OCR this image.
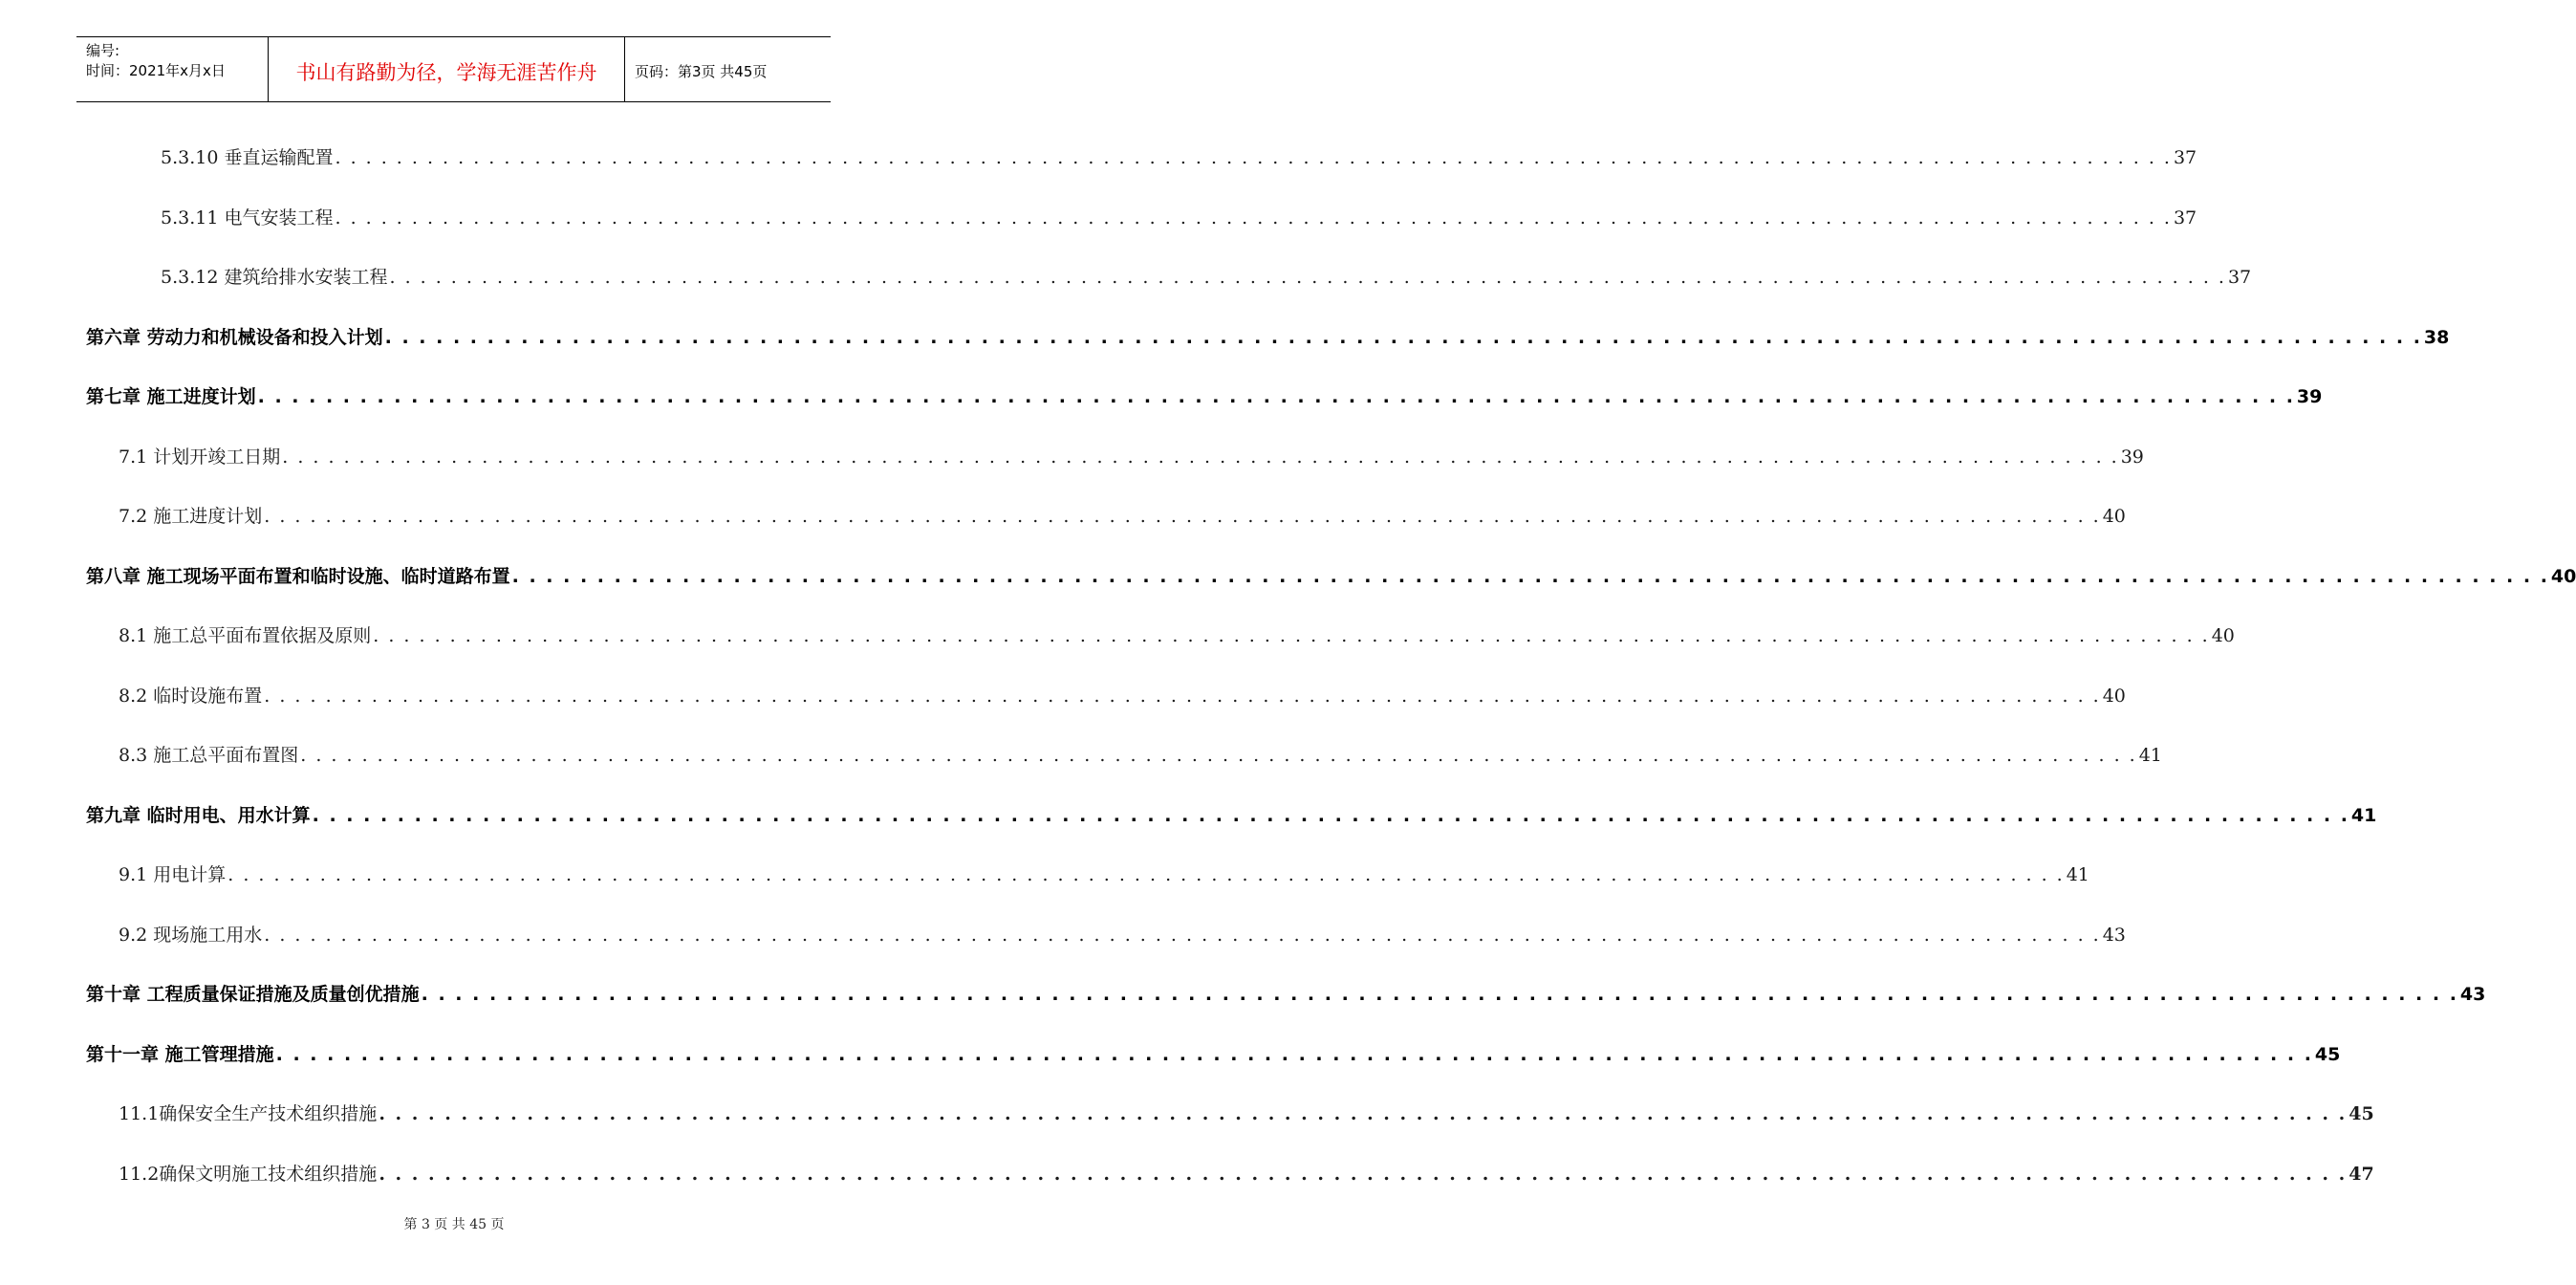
编号:
时间：2021年x月x日	书山有路勤为径，学海无涯苦作舟	页码：第3页 共45页
5.3.10 垂直运输配置 . . . . . . . . . . . . . . . . . . . . . . . . . . . . . . . . . . . . . . . . . . . . . . . . . . . . . . . . . . . . . . . . . . . . . . . . . . . . . . . . . . . . . . . . . . . . . . . . . . . . . . . . . . . . . . . . . . . . . . . . 37
5.3.11 电气安装工程 . . . . . . . . . . . . . . . . . . . . . . . . . . . . . . . . . . . . . . . . . . . . . . . . . . . . . . . . . . . . . . . . . . . . . . . . . . . . . . . . . . . . . . . . . . . . . . . . . . . . . . . . . . . . . . . . . . . . . . . . 37
5.3.12 建筑给排水安装工程 . . . . . . . . . . . . . . . . . . . . . . . . . . . . . . . . . . . . . . . . . . . . . . . . . . . . . . . . . . . . . . . . . . . . . . . . . . . . . . . . . . . . . . . . . . . . . . . . . . . . . . . . . . . . . . . . . . . . . . . . 37
第六章 劳动力和机械设备和投入计划 . . . . . . . . . . . . . . . . . . . . . . . . . . . . . . . . . . . . . . . . . . . . . . . . . . . . . . . . . . . . . . . . . . . . . . . . . . . . . . . . . . . . . . . . . . . . . . . . . . . . . . . . . . . . . . . . . . . . . . . . 38
第七章 施工进度计划 . . . . . . . . . . . . . . . . . . . . . . . . . . . . . . . . . . . . . . . . . . . . . . . . . . . . . . . . . . . . . . . . . . . . . . . . . . . . . . . . . . . . . . . . . . . . . . . . . . . . . . . . . . . . . . . . . . . . . . . . 39
7.1 计划开竣工日期 . . . . . . . . . . . . . . . . . . . . . . . . . . . . . . . . . . . . . . . . . . . . . . . . . . . . . . . . . . . . . . . . . . . . . . . . . . . . . . . . . . . . . . . . . . . . . . . . . . . . . . . . . . . . . . . . . . . . . . . . 39
7.2 施工进度计划 . . . . . . . . . . . . . . . . . . . . . . . . . . . . . . . . . . . . . . . . . . . . . . . . . . . . . . . . . . . . . . . . . . . . . . . . . . . . . . . . . . . . . . . . . . . . . . . . . . . . . . . . . . . . . . . . . . . . . . . . 40
第八章 施工现场平面布置和临时设施、临时道路布置 . . . . . . . . . . . . . . . . . . . . . . . . . . . . . . . . . . . . . . . . . . . . . . . . . . . . . . . . . . . . . . . . . . . . . . . . . . . . . . . . . . . . . . . . . . . . . . . . . . . . . . . . . . . . . . . . . . . . . . . . 40
8.1 施工总平面布置依据及原则 . . . . . . . . . . . . . . . . . . . . . . . . . . . . . . . . . . . . . . . . . . . . . . . . . . . . . . . . . . . . . . . . . . . . . . . . . . . . . . . . . . . . . . . . . . . . . . . . . . . . . . . . . . . . . . . . . . . . . . . . 40
8.2 临时设施布置 . . . . . . . . . . . . . . . . . . . . . . . . . . . . . . . . . . . . . . . . . . . . . . . . . . . . . . . . . . . . . . . . . . . . . . . . . . . . . . . . . . . . . . . . . . . . . . . . . . . . . . . . . . . . . . . . . . . . . . . . 40
8.3 施工总平面布置图 . . . . . . . . . . . . . . . . . . . . . . . . . . . . . . . . . . . . . . . . . . . . . . . . . . . . . . . . . . . . . . . . . . . . . . . . . . . . . . . . . . . . . . . . . . . . . . . . . . . . . . . . . . . . . . . . . . . . . . . . 41
第九章 临时用电、用水计算 . . . . . . . . . . . . . . . . . . . . . . . . . . . . . . . . . . . . . . . . . . . . . . . . . . . . . . . . . . . . . . . . . . . . . . . . . . . . . . . . . . . . . . . . . . . . . . . . . . . . . . . . . . . . . . . . . . . . . . . . 41
9.1 用电计算 . . . . . . . . . . . . . . . . . . . . . . . . . . . . . . . . . . . . . . . . . . . . . . . . . . . . . . . . . . . . . . . . . . . . . . . . . . . . . . . . . . . . . . . . . . . . . . . . . . . . . . . . . . . . . . . . . . . . . . . . 41
9.2 现场施工用水 . . . . . . . . . . . . . . . . . . . . . . . . . . . . . . . . . . . . . . . . . . . . . . . . . . . . . . . . . . . . . . . . . . . . . . . . . . . . . . . . . . . . . . . . . . . . . . . . . . . . . . . . . . . . . . . . . . . . . . . . 43
第十章 工程质量保证措施及质量创优措施 . . . . . . . . . . . . . . . . . . . . . . . . . . . . . . . . . . . . . . . . . . . . . . . . . . . . . . . . . . . . . . . . . . . . . . . . . . . . . . . . . . . . . . . . . . . . . . . . . . . . . . . . . . . . . . . . . . . . . . . . 43
第十一章 施工管理措施 . . . . . . . . . . . . . . . . . . . . . . . . . . . . . . . . . . . . . . . . . . . . . . . . . . . . . . . . . . . . . . . . . . . . . . . . . . . . . . . . . . . . . . . . . . . . . . . . . . . . . . . . . . . . . . . . . . . . . . . . 45
11.1确保安全生产技术组织措施 . . . . . . . . . . . . . . . . . . . . . . . . . . . . . . . . . . . . . . . . . . . . . . . . . . . . . . . . . . . . . . . . . . . . . . . . . . . . . . . . . . . . . . . . . . . . . . . . . . . . . . . . . . . . . . . . . . . . . . . . 45
11.2确保文明施工技术组织措施 . . . . . . . . . . . . . . . . . . . . . . . . . . . . . . . . . . . . . . . . . . . . . . . . . . . . . . . . . . . . . . . . . . . . . . . . . . . . . . . . . . . . . . . . . . . . . . . . . . . . . . . . . . . . . . . . . . . . . . . . 47
第 3 页 共 45 页
